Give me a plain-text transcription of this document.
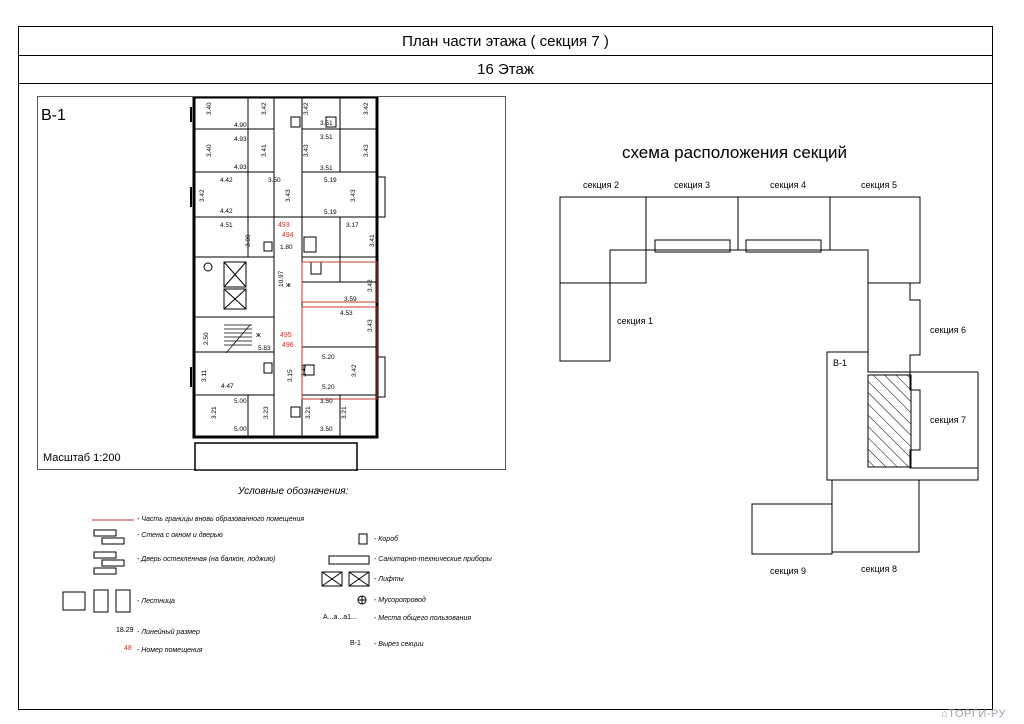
План части этажа ( секция 7 )
16 Этаж
В-1
Масштаб 1:200
3.40	3.42	3.42	3.42
4.90	3.51
4.93	3.51
3.40	3.41	3.43	3.43
4.93	3.51
4.42	3.50	5.19
3.42	3.43	3.43
4.42	5.19
4.51	3.17
3.09
1.80
3.41
10.97	3.42
3.59
2.50
4.53
3.43
5.83
5.20
3.11	3.15 3.42	3.42
4.47	5.20
5.00	3.50
3.21	3.23	3.21	3.21
5.00	3.50
493
494
495
496
ж
ж
схема расположения секций
секция 2	секция 3	секция 4	секция 5
секция 1
секция 6
секция 7
секция 8
секция 9
В-1
Условные обозначения:
- Часть границы вновь образованного помещения
- Стена с окном и дверью
- Дверь остекленная (на балкон, лоджию)
- Лестница
- Линейный размер
- Номер помещения
- Короб
- Санитарно-технические приборы
- Лифты
- Мусоропровод
- Места общего пользования
- Вырез секции
18.29
48
А...а...а1...
В-1
⌂ТОРГИ-РУ
